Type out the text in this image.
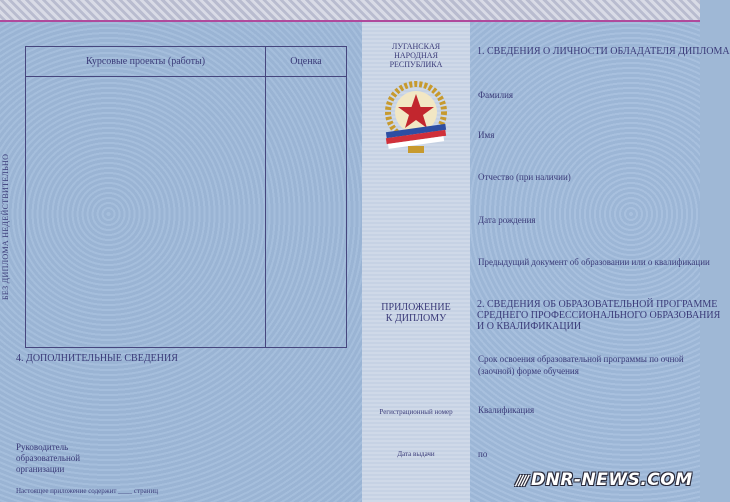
Курсовые проекты (работы)	Оценка
4. ДОПОЛНИТЕЛЬНЫЕ СВЕДЕНИЯ
Руководитель
образовательной
организации
Настоящее приложение содержит ____ страниц
ЛУГАНСКАЯ
НАРОДНАЯ
РЕСПУБЛИКА
ПРИЛОЖЕНИЕ
К ДИПЛОМУ
Регистрационный номер
Дата выдачи
1. СВЕДЕНИЯ О ЛИЧНОСТИ ОБЛАДАТЕЛЯ ДИПЛОМА
Фамилия
Имя
Отчество (при наличии)
Дата рождения
Предыдущий документ об образовании или о квалификации
2. СВЕДЕНИЯ ОБ ОБРАЗОВАТЕЛЬНОЙ ПРОГРАММЕ
СРЕДНЕГО ПРОФЕССИОНАЛЬНОГО ОБРАЗОВАНИЯ
И О КВАЛИФИКАЦИИ
Срок освоения образовательной программы по очной
(заочной) форме обучения
Квалификация
по
//// DNR-NEWS.COM
